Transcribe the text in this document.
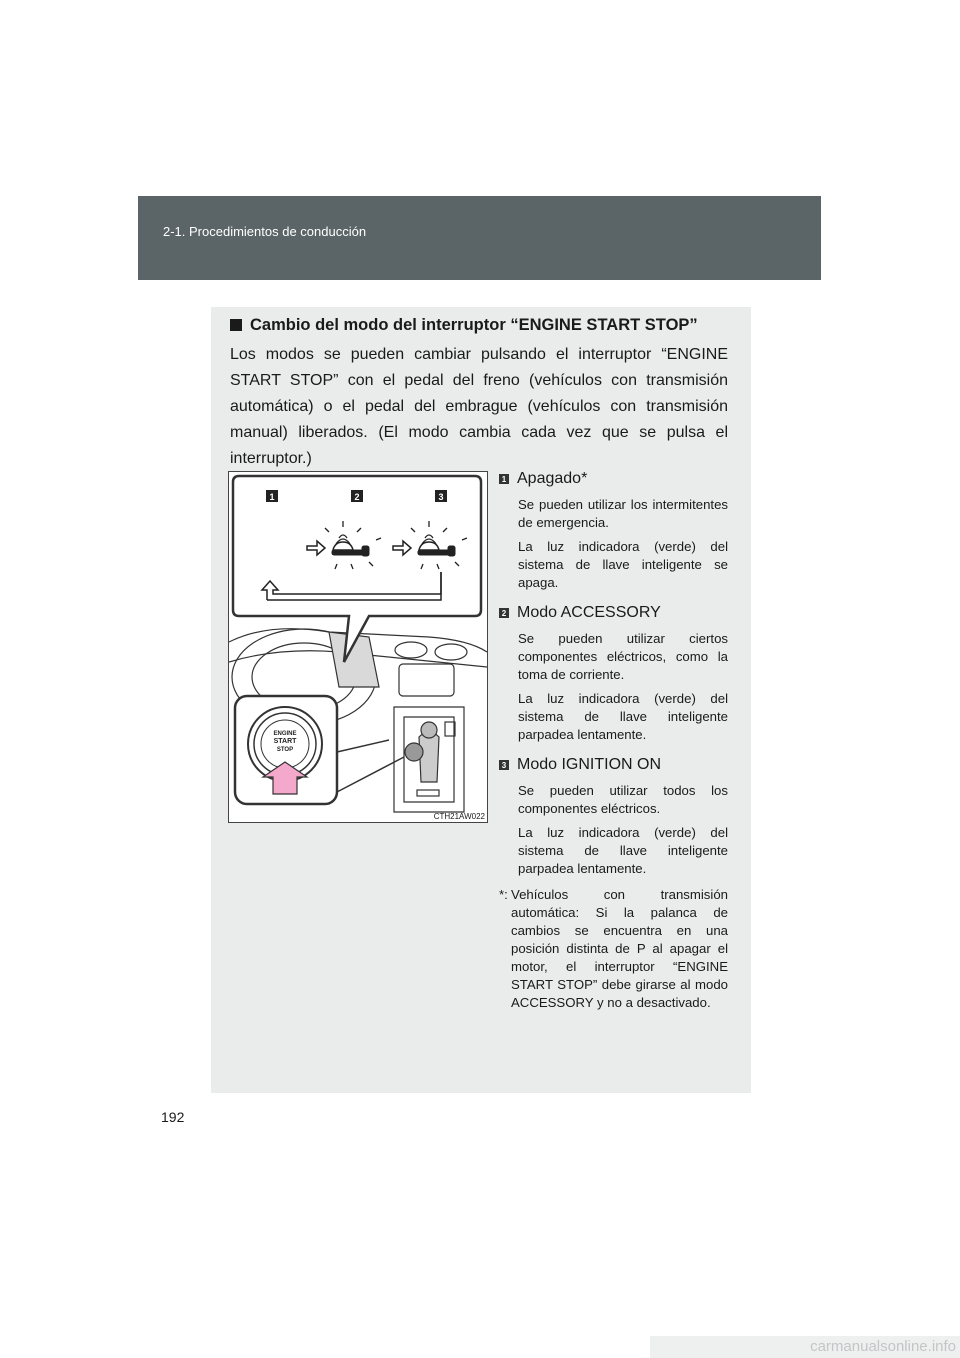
2-1. Procedimientos de conducción
Cambio del modo del interruptor “ENGINE START STOP”
Los modos se pueden cambiar pulsando el interruptor “ENGINE START STOP” con el pedal del freno (vehículos con transmisión automática) o el pedal del embrague (vehículos con transmisión manual) liberados. (El modo cambia cada vez que se pulsa el interruptor.)
1	2	3
ENGINE
START
STOP
CTH21AW022
1 Apagado*
Se pueden utilizar los intermitentes de emergencia.
La luz indicadora (verde) del sistema de llave inteligente se apaga.
2 Modo ACCESSORY
Se pueden utilizar ciertos componentes eléctricos, como la toma de corriente.
La luz indicadora (verde) del sistema de llave inteligente parpadea lentamente.
3 Modo IGNITION ON
Se pueden utilizar todos los componentes eléctricos.
La luz indicadora (verde) del sistema de llave inteligente parpadea lentamente.
*: Vehículos con transmisión automática: Si la palanca de cambios se encuentra en una posición distinta de P al apagar el motor, el interruptor “ENGINE START STOP” debe girarse al modo ACCESSORY y no a desactivado.
192
carmanualsonline.info
